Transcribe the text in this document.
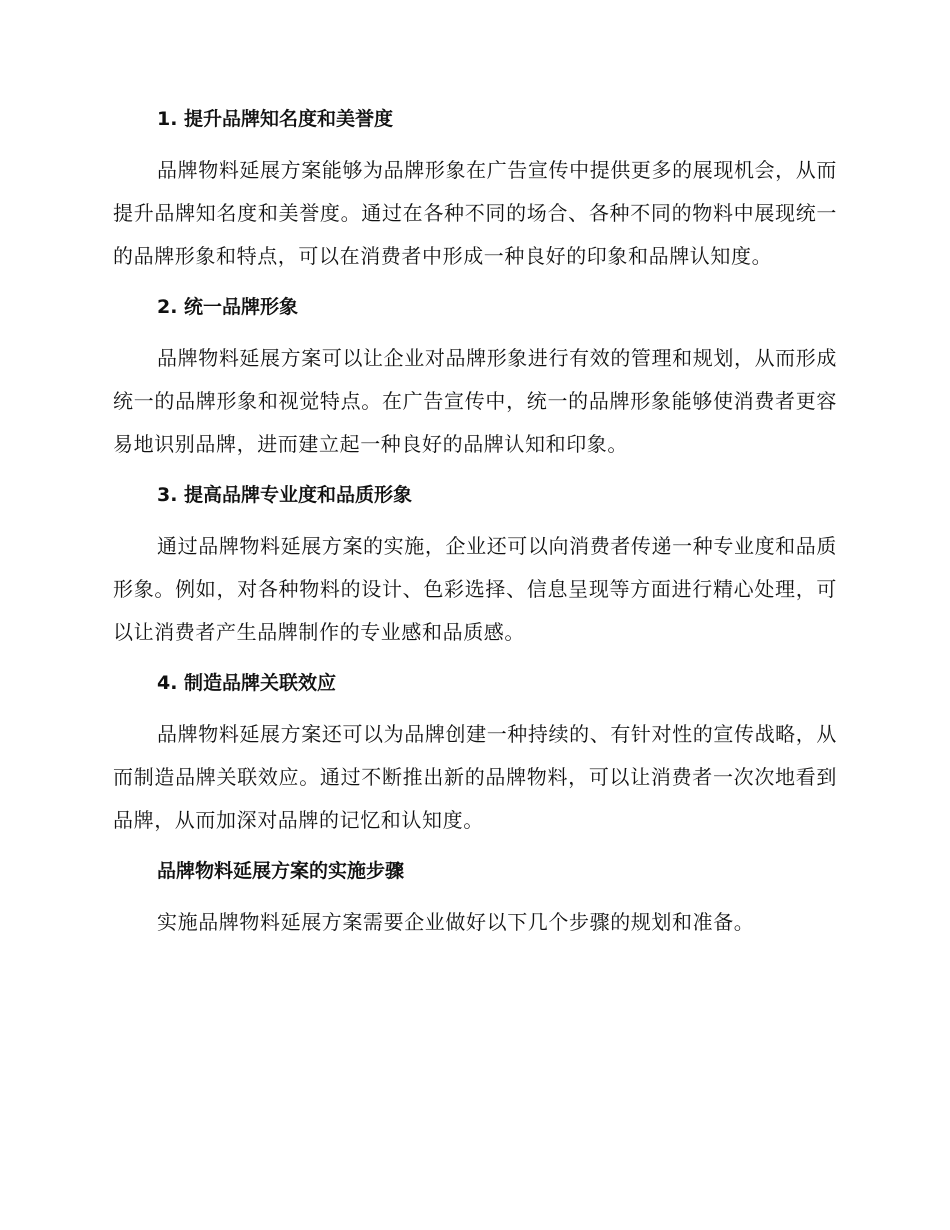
1. 提升品牌知名度和美誉度

品牌物料延展方案能够为品牌形象在广告宣传中提供更多的展现机会，从而提升品牌知名度和美誉度。通过在各种不同的场合、各种不同的物料中展现统一的品牌形象和特点，可以在消费者中形成一种良好的印象和品牌认知度。

2. 统一品牌形象

品牌物料延展方案可以让企业对品牌形象进行有效的管理和规划，从而形成统一的品牌形象和视觉特点。在广告宣传中，统一的品牌形象能够使消费者更容易地识别品牌，进而建立起一种良好的品牌认知和印象。

3. 提高品牌专业度和品质形象

通过品牌物料延展方案的实施，企业还可以向消费者传递一种专业度和品质形象。例如，对各种物料的设计、色彩选择、信息呈现等方面进行精心处理，可以让消费者产生品牌制作的专业感和品质感。

4. 制造品牌关联效应

品牌物料延展方案还可以为品牌创建一种持续的、有针对性的宣传战略，从而制造品牌关联效应。通过不断推出新的品牌物料，可以让消费者一次次地看到品牌，从而加深对品牌的记忆和认知度。

品牌物料延展方案的实施步骤

实施品牌物料延展方案需要企业做好以下几个步骤的规划和准备。
